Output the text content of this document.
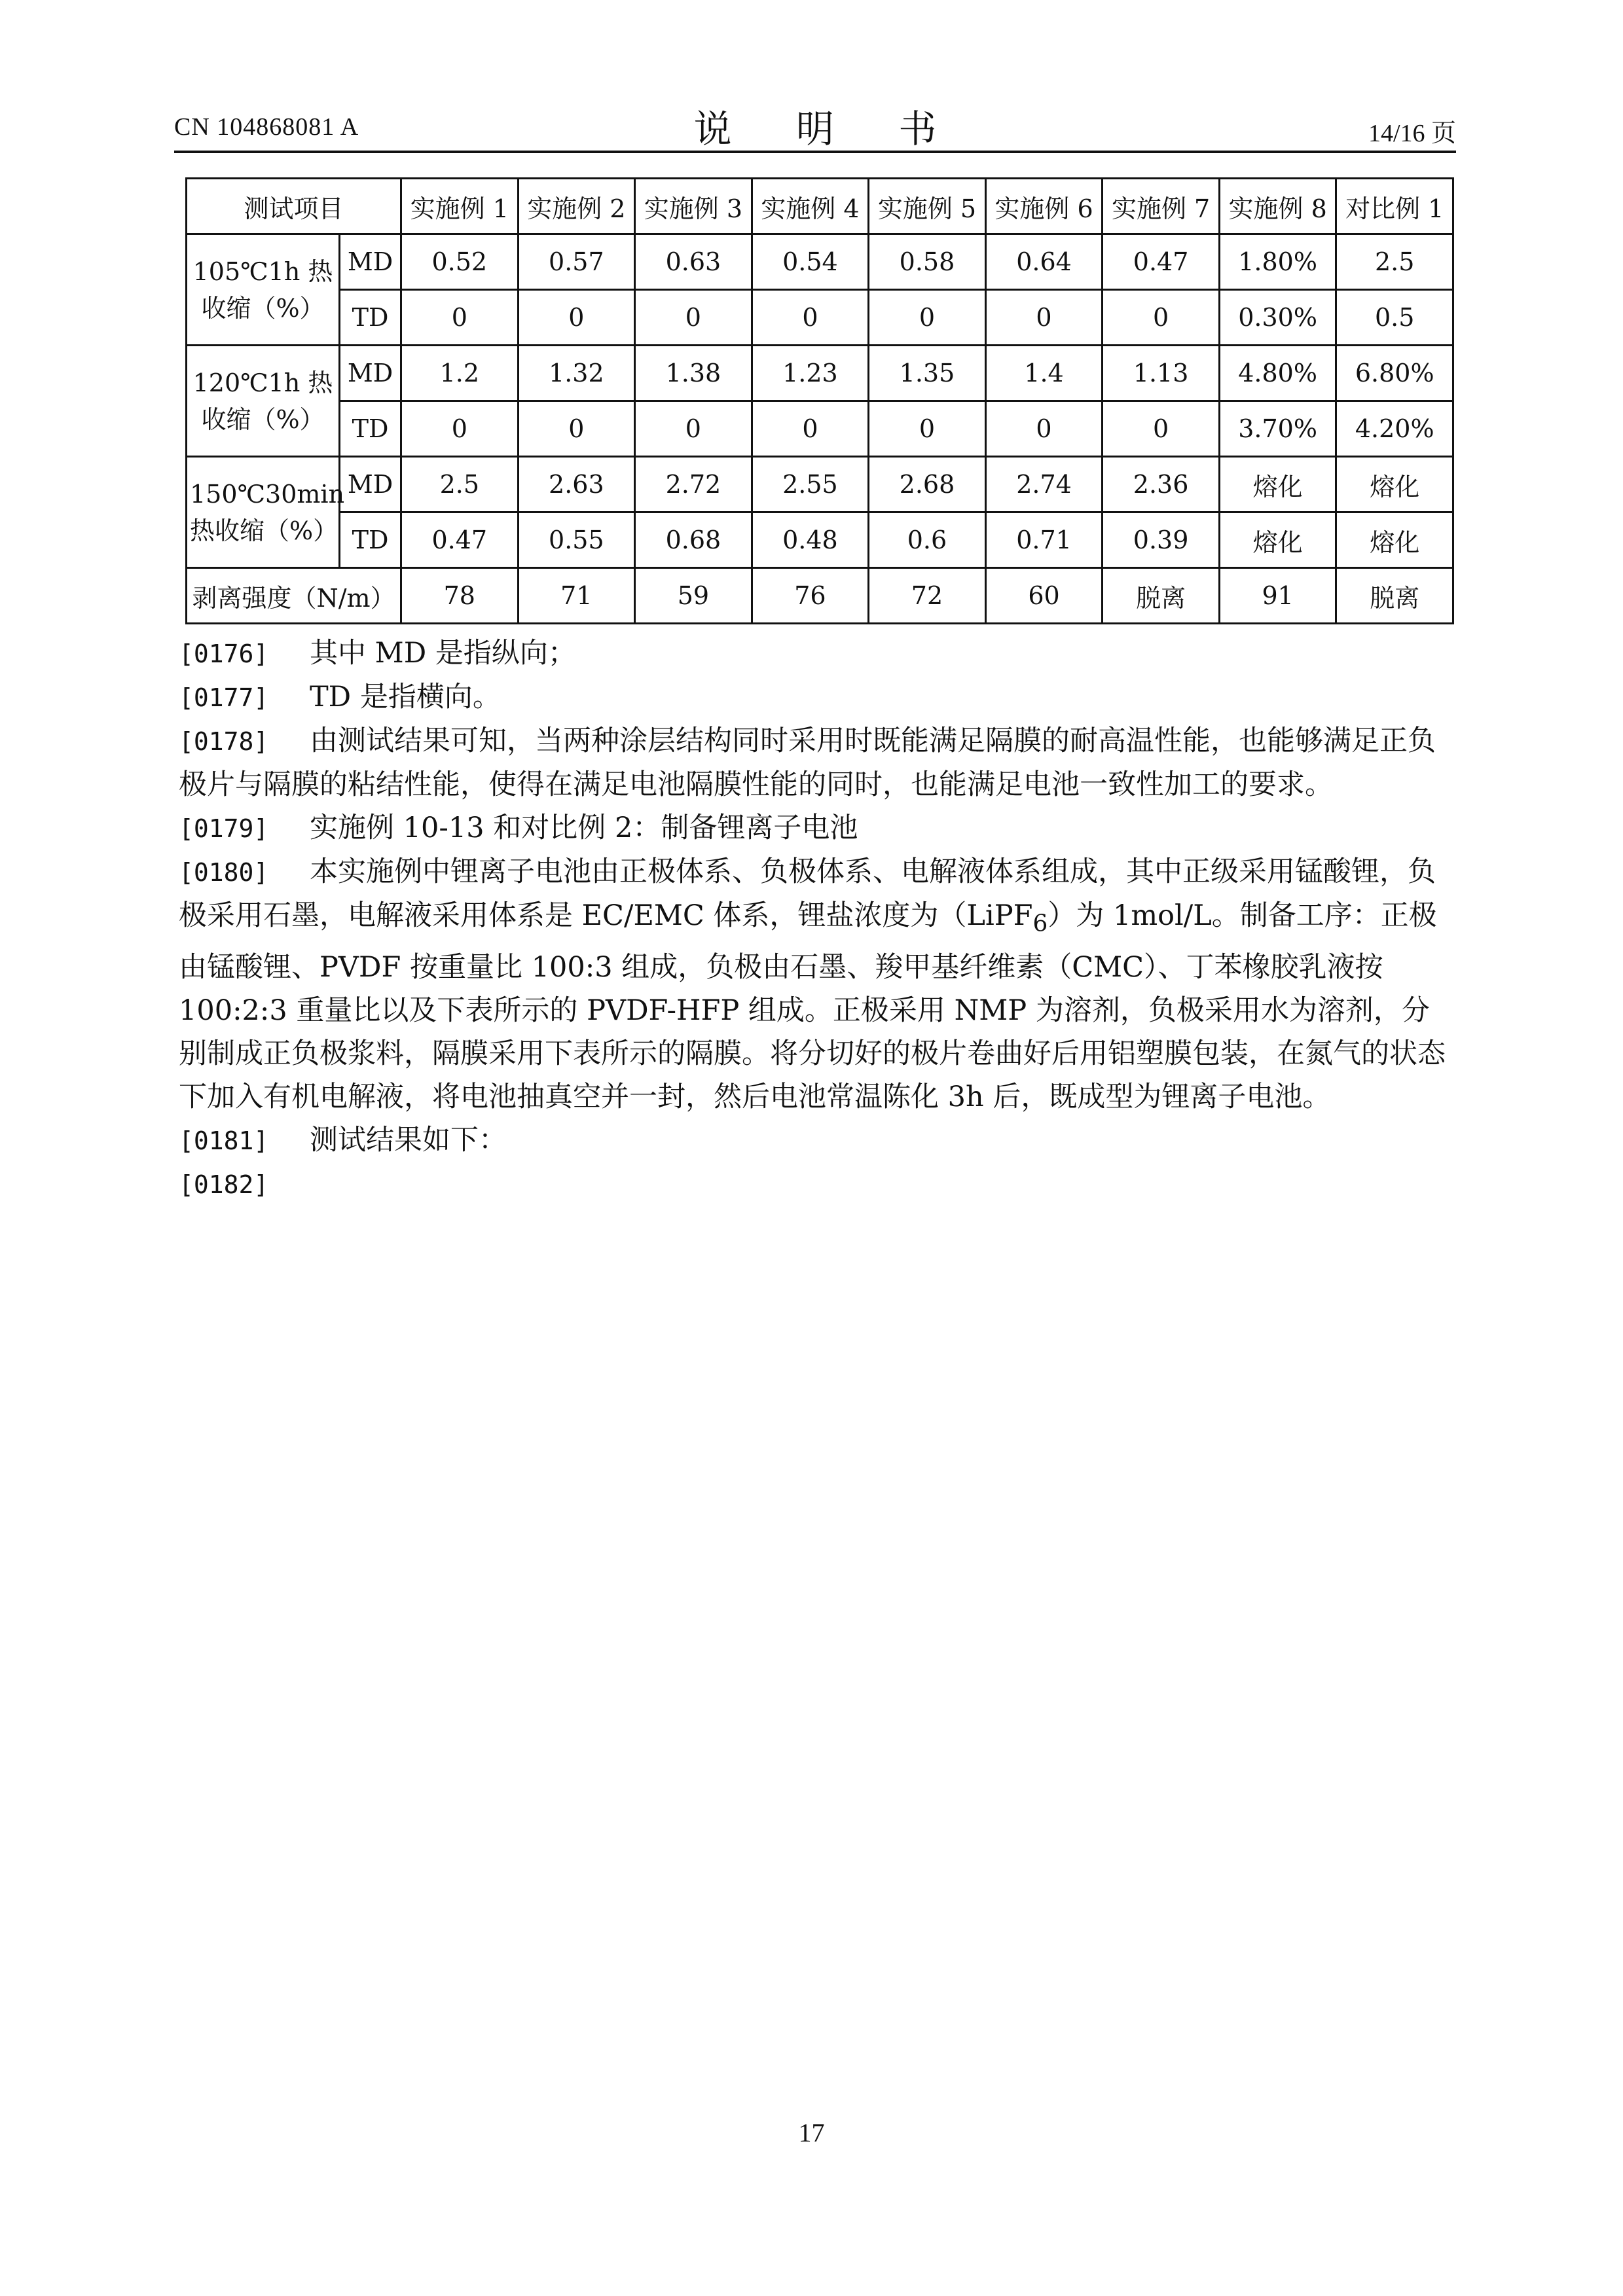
CN 104868081 A	说 明 书	14/16 页
测试项目		实施例 1	实施例 2	实施例 3	实施例 4	实施例 5	实施例 6	实施例 7	实施例 8	对比例 1
105℃1h 热收缩（%）	MD	0.52	0.57	0.63	0.54	0.58	0.64	0.47	1.80%	2.5
	TD	0	0	0	0	0	0	0	0.30%	0.5
120℃1h 热收缩（%）	MD	1.2	1.32	1.38	1.23	1.35	1.4	1.13	4.80%	6.80%
	TD	0	0	0	0	0	0	0	3.70%	4.20%
150℃30min 热收缩（%）	MD	2.5	2.63	2.72	2.55	2.68	2.74	2.36	熔化	熔化
	TD	0.47	0.55	0.68	0.48	0.6	0.71	0.39	熔化	熔化
剥离强度（N/m）		78	71	59	76	72	60	脱离	91	脱离

[0176] 其中 MD 是指纵向；

[0177] TD 是指横向。

[0178] 由测试结果可知，当两种涂层结构同时采用时既能满足隔膜的耐高温性能，也能够满足正负极片与隔膜的粘结性能，使得在满足电池隔膜性能的同时，也能满足电池一致性加工的要求。

[0179] 实施例 10-13 和对比例 2：制备锂离子电池

[0180] 本实施例中锂离子电池由正极体系、负极体系、电解液体系组成，其中正级采用锰酸锂，负极采用石墨，电解液采用体系是 EC/EMC 体系，锂盐浓度为（LiPF$_6$）为 1mol/L。制备工序：正极由锰酸锂、PVDF 按重量比 100:3 组成，负极由石墨、羧甲基纤维素（CMC）、丁苯橡胶乳液按 100:2:3 重量比以及下表所示的 PVDF-HFP 组成。正极采用 NMP 为溶剂，负极采用水为溶剂，分别制成正负极浆料，隔膜采用下表所示的隔膜。将分切好的极片卷曲好后用铝塑膜包装，在氮气的状态下加入有机电解液，将电池抽真空并一封，然后电池常温陈化 3h 后，既成型为锂离子电池。

[0181] 测试结果如下：

[0182]

17
